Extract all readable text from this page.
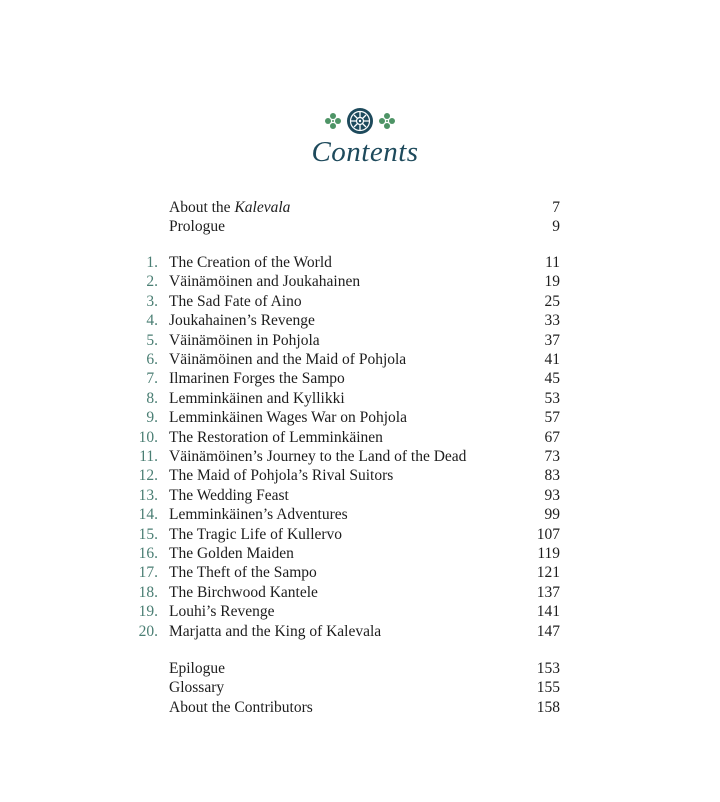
Contents
About the Kalevala	7
Prologue	9
1. The Creation of the World	11
2. Väinämöinen and Joukahainen	19
3. The Sad Fate of Aino	25
4. Joukahainen’s Revenge	33
5. Väinämöinen in Pohjola	37
6. Väinämöinen and the Maid of Pohjola	41
7. Ilmarinen Forges the Sampo	45
8. Lemminkäinen and Kyllikki	53
9. Lemminkäinen Wages War on Pohjola	57
10. The Restoration of Lemminkäinen	67
11. Väinämöinen’s Journey to the Land of the Dead	73
12. The Maid of Pohjola’s Rival Suitors	83
13. The Wedding Feast	93
14. Lemminkäinen’s Adventures	99
15. The Tragic Life of Kullervo	107
16. The Golden Maiden	119
17. The Theft of the Sampo	121
18. The Birchwood Kantele	137
19. Louhi’s Revenge	141
20. Marjatta and the King of Kalevala	147
Epilogue	153
Glossary	155
About the Contributors	158
